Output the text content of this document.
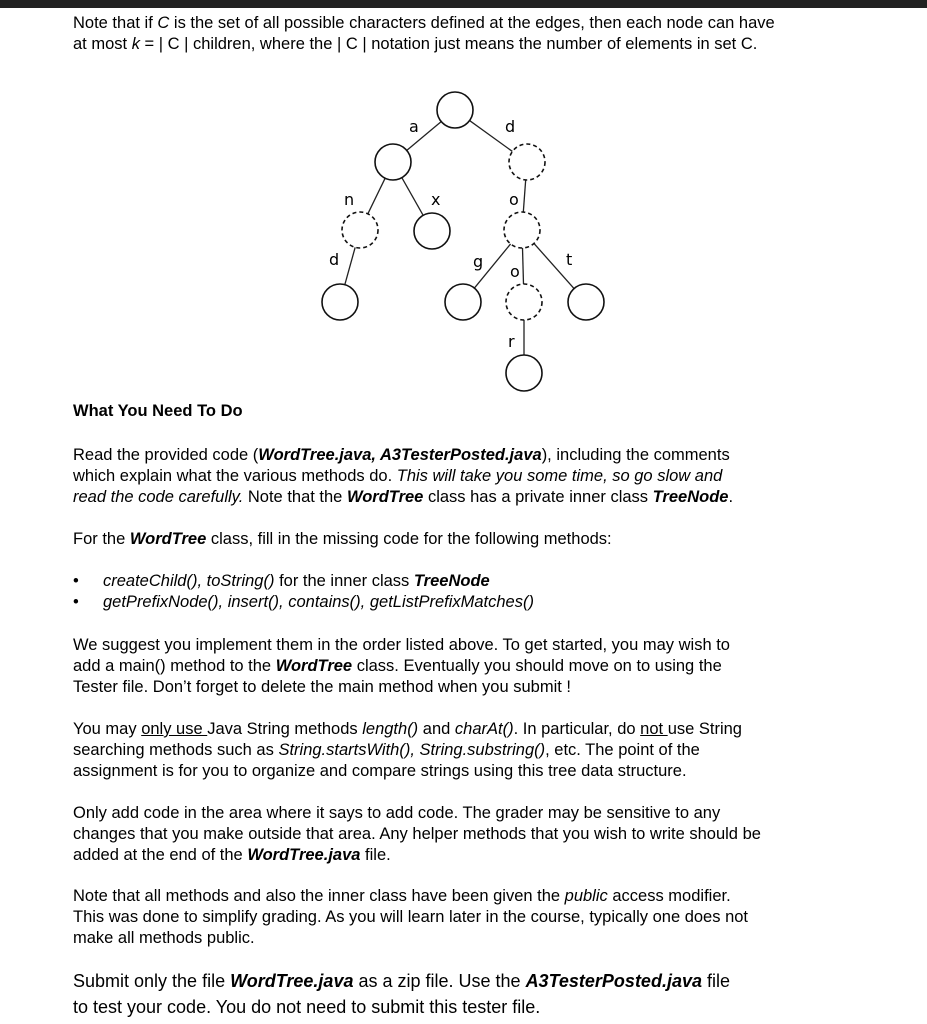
Note that if C is the set of all possible characters defined at the edges, then each node can have
at most k = | C | children, where the | C | notation just means the number of elements in set C.
a	d
n	x	o
d	g
o
t
r
What You Need To Do
Read the provided code (WordTree.java, A3TesterPosted.java), including the comments
which explain what the various methods do. This will take you some time, so go slow and
read the code carefully. Note that the WordTree class has a private inner class TreeNode.
For the WordTree class, fill in the missing code for the following methods:
• createChild(), toString() for the inner class TreeNode
• getPrefixNode(), insert(), contains(), getListPrefixMatches()
We suggest you implement them in the order listed above. To get started, you may wish to
add a main() method to the WordTree class. Eventually you should move on to using the
Tester file. Don’t forget to delete the main method when you submit !
You may only use Java String methods length() and charAt(). In particular, do not use String
searching methods such as String.startsWith(), String.substring(), etc. The point of the
assignment is for you to organize and compare strings using this tree data structure.
Only add code in the area where it says to add code. The grader may be sensitive to any
changes that you make outside that area. Any helper methods that you wish to write should be
added at the end of the WordTree.java file.
Note that all methods and also the inner class have been given the public access modifier.
This was done to simplify grading. As you will learn later in the course, typically one does not
make all methods public.
Submit only the file WordTree.java as a zip file. Use the A3TesterPosted.java file
to test your code. You do not need to submit this tester file.
